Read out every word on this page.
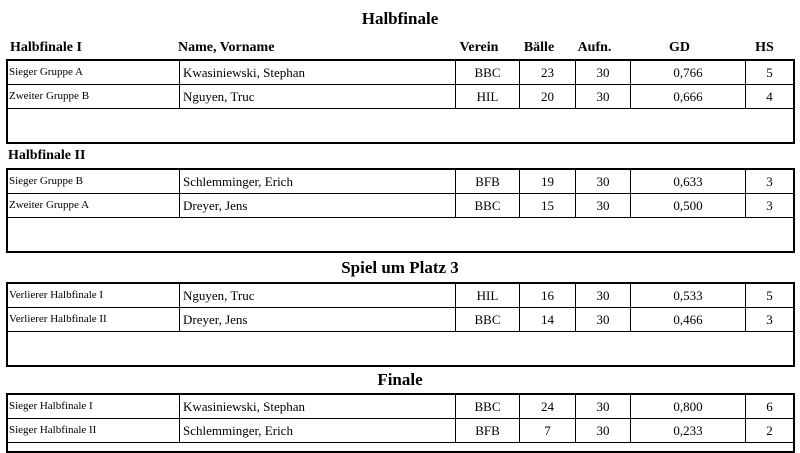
Halbfinale
Halbfinale I	Name, Vorname	Verein	Bälle	Aufn.	GD	HS
Sieger Gruppe A	Kwasiniewski, Stephan	BBC	23	30	0,766	5
Zweiter Gruppe B	Nguyen, Truc	HIL	20	30	0,666	4
Halbfinale II
Sieger Gruppe B	Schlemminger, Erich	BFB	19	30	0,633	3
Zweiter Gruppe A	Dreyer, Jens	BBC	15	30	0,500	3
Spiel um Platz 3
Verlierer Halbfinale I	Nguyen, Truc	HIL	16	30	0,533	5
Verlierer Halbfinale II	Dreyer, Jens	BBC	14	30	0,466	3
Finale
Sieger Halbfinale I	Kwasiniewski, Stephan	BBC	24	30	0,800	6
Sieger Halbfinale II	Schlemminger, Erich	BFB	7	30	0,233	2
